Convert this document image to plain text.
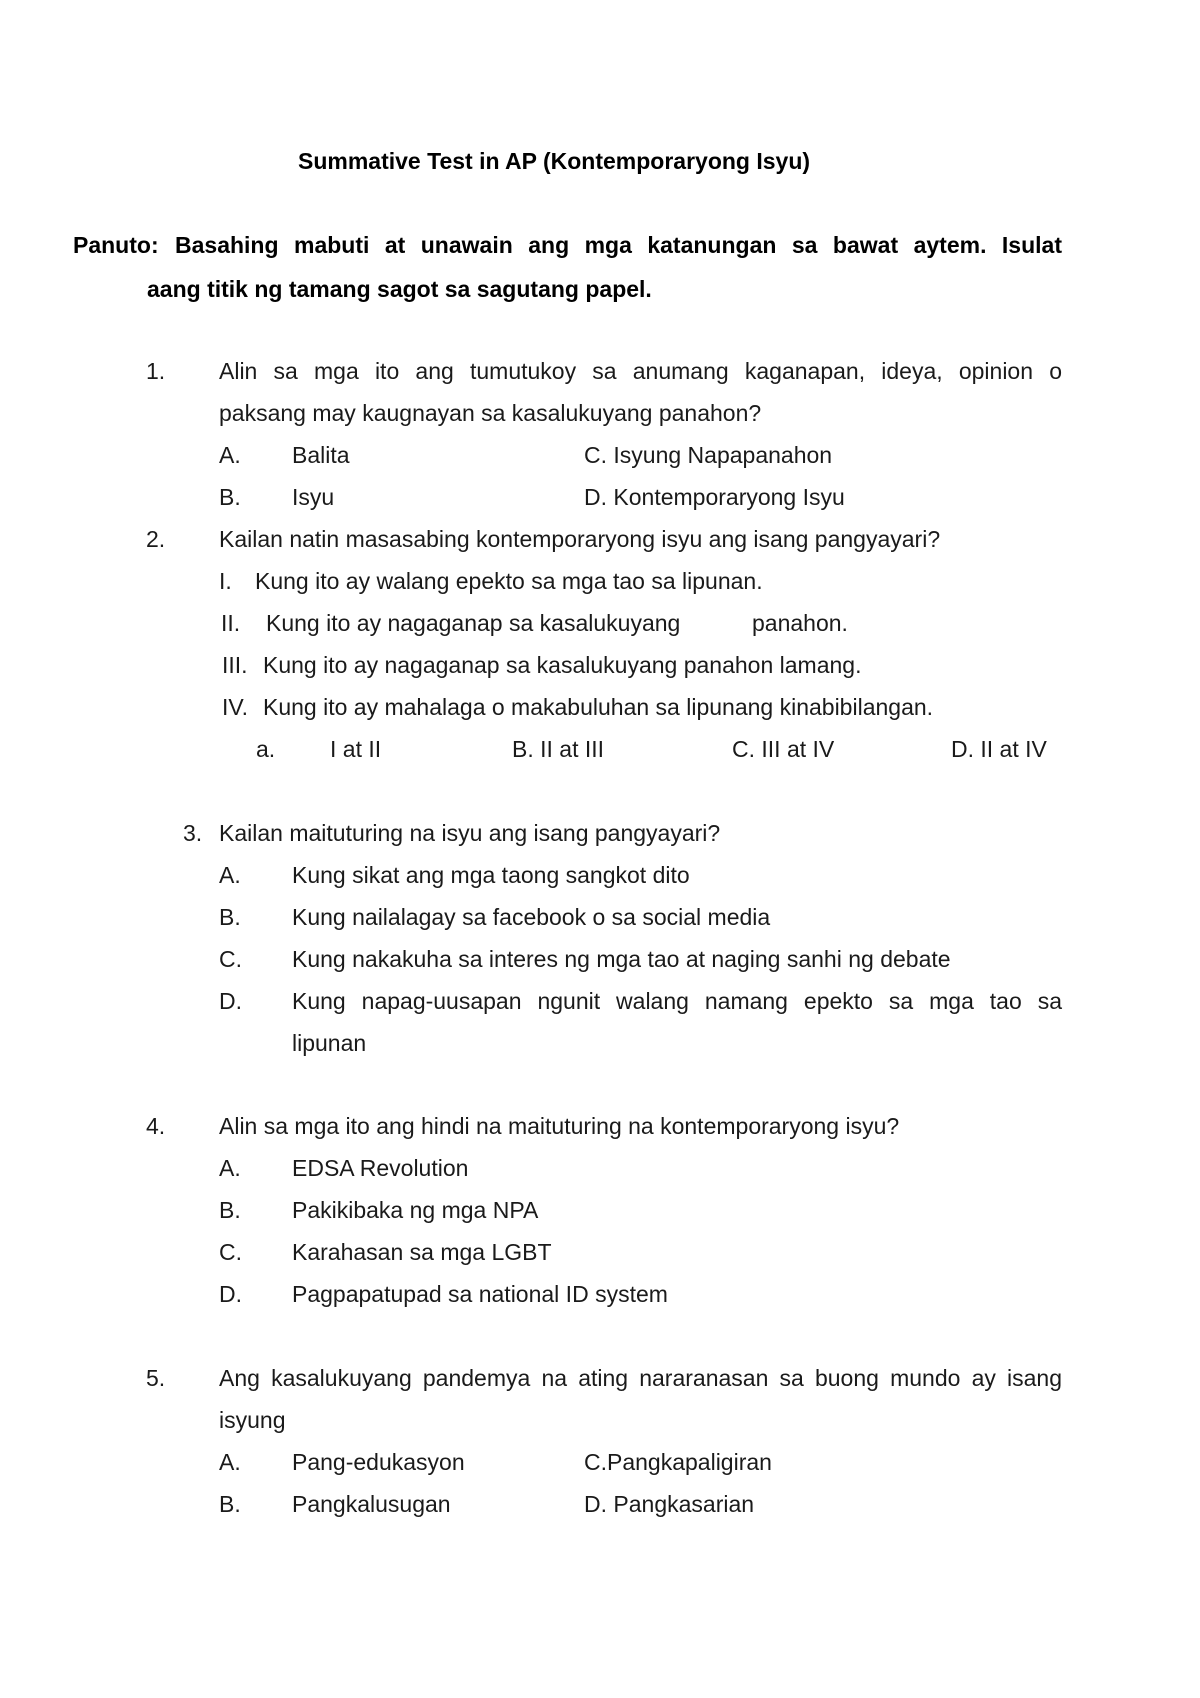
Summative Test in AP (Kontemporaryong Isyu)
Panuto: Basahing mabuti at unawain ang mga katanungan sa bawat aytem. Isulat
aang titik ng tamang sagot sa sagutang papel.
1. Alin sa mga ito ang tumutukoy sa anumang kaganapan, ideya, opinion o
paksang may kaugnayan sa kasalukuyang panahon?
A. Balita	C. Isyung Napapanahon
B. Isyu	D. Kontemporaryong Isyu
2. Kailan natin masasabing kontemporaryong isyu ang isang pangyayari?
I. Kung ito ay walang epekto sa mga tao sa lipunan.
II. Kung ito ay nagaganap sa kasalukuyang	panahon.
III. Kung ito ay nagaganap sa kasalukuyang panahon lamang.
IV. Kung ito ay mahalaga o makabuluhan sa lipunang kinabibilangan.
a. I at II	B. II at III	C. III at IV	D. II at IV
3. Kailan maituturing na isyu ang isang pangyayari?
A. Kung sikat ang mga taong sangkot dito
B. Kung nailalagay sa facebook o sa social media
C. Kung nakakuha sa interes ng mga tao at naging sanhi ng debate
D. Kung napag-uusapan ngunit walang namang epekto sa mga tao sa
lipunan
4. Alin sa mga ito ang hindi na maituturing na kontemporaryong isyu?
A. EDSA Revolution
B. Pakikibaka ng mga NPA
C. Karahasan sa mga LGBT
D. Pagpapatupad sa national ID system
5. Ang kasalukuyang pandemya na ating nararanasan sa buong mundo ay isang
isyung
A. Pang-edukasyon	C.Pangkapaligiran
B. Pangkalusugan	D. Pangkasarian
